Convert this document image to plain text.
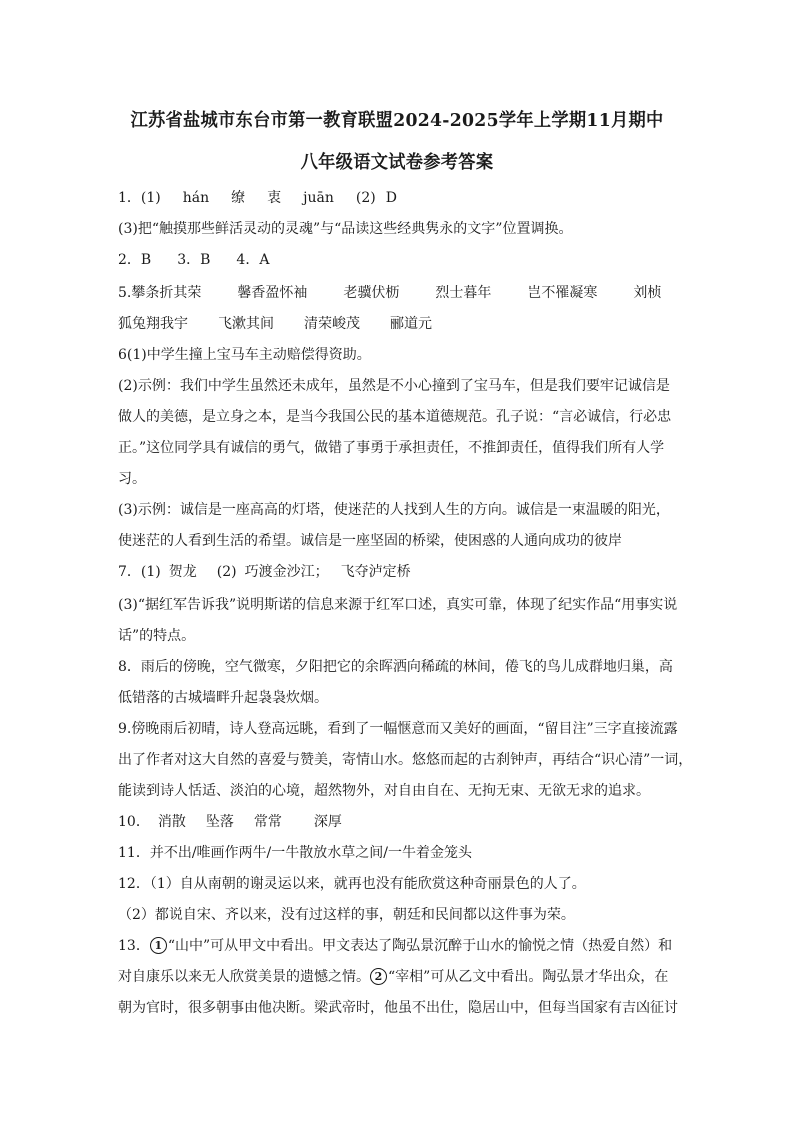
江苏省盐城市东台市第一教育联盟2024-2025学年上学期11月期中
八年级语文试卷参考答案
1．(1) hán 缭 衷 juān (2) D
(3)把“触摸那些鲜活灵动的灵魂”与“品读这些经典隽永的文字”位置调换。
2．B 3．B 4．A
5.攀条折其荣	馨香盈怀袖	老骥伏枥	烈士暮年	岂不罹凝寒	刘桢
狐兔翔我宇 飞漱其间 清荣峻茂 郦道元
6(1)中学生撞上宝马车主动赔偿得资助。
(2)示例：我们中学生虽然还未成年，虽然是不小心撞到了宝马车，但是我们要牢记诚信是
做人的美德，是立身之本，是当今我国公民的基本道德规范。孔子说：“言必诚信，行必忠
正。”这位同学具有诚信的勇气，做错了事勇于承担责任，不推卸责任，值得我们所有人学
习。
(3)示例：诚信是一座高高的灯塔，使迷茫的人找到人生的方向。诚信是一束温暖的阳光，
使迷茫的人看到生活的希望。诚信是一座坚固的桥梁，使困惑的人通向成功的彼岸
7．(1) 贺龙 (2) 巧渡金沙江； 飞夺泸定桥
(3)“据红军告诉我”说明斯诺的信息来源于红军口述，真实可靠，体现了纪实作品“用事实说
话”的特点。
8．雨后的傍晚，空气微寒，夕阳把它的余晖洒向稀疏的林间，倦飞的鸟儿成群地归巢，高
低错落的古城墙畔升起袅袅炊烟。
9.傍晚雨后初晴，诗人登高远眺，看到了一幅惬意而又美好的画面，“留目注”三字直接流露
出了作者对这大自然的喜爱与赞美，寄情山水。悠悠而起的古刹钟声，再结合“识心清”一词，
能读到诗人恬适、淡泊的心境，超然物外，对自由自在、无拘无束、无欲无求的追求。
10． 消散 坠落 常常 深厚
11．并不出/唯画作两牛/一牛散放水草之间/一牛着金笼头
12．（1）自从南朝的谢灵运以来，就再也没有能欣赏这种奇丽景色的人了。
（2）都说自宋、齐以来，没有过这样的事，朝廷和民间都以这件事为荣。
13． 1 “山中”可从甲文中看出。甲文表达了陶弘景沉醉于山水的愉悦之情（热爱自然）和
对自康乐以来无人欣赏美景的遗憾之情。 2 “宰相”可从乙文中看出。陶弘景才华出众，在
朝为官时，很多朝事由他决断。梁武帝时，他虽不出仕，隐居山中，但每当国家有吉凶征讨
